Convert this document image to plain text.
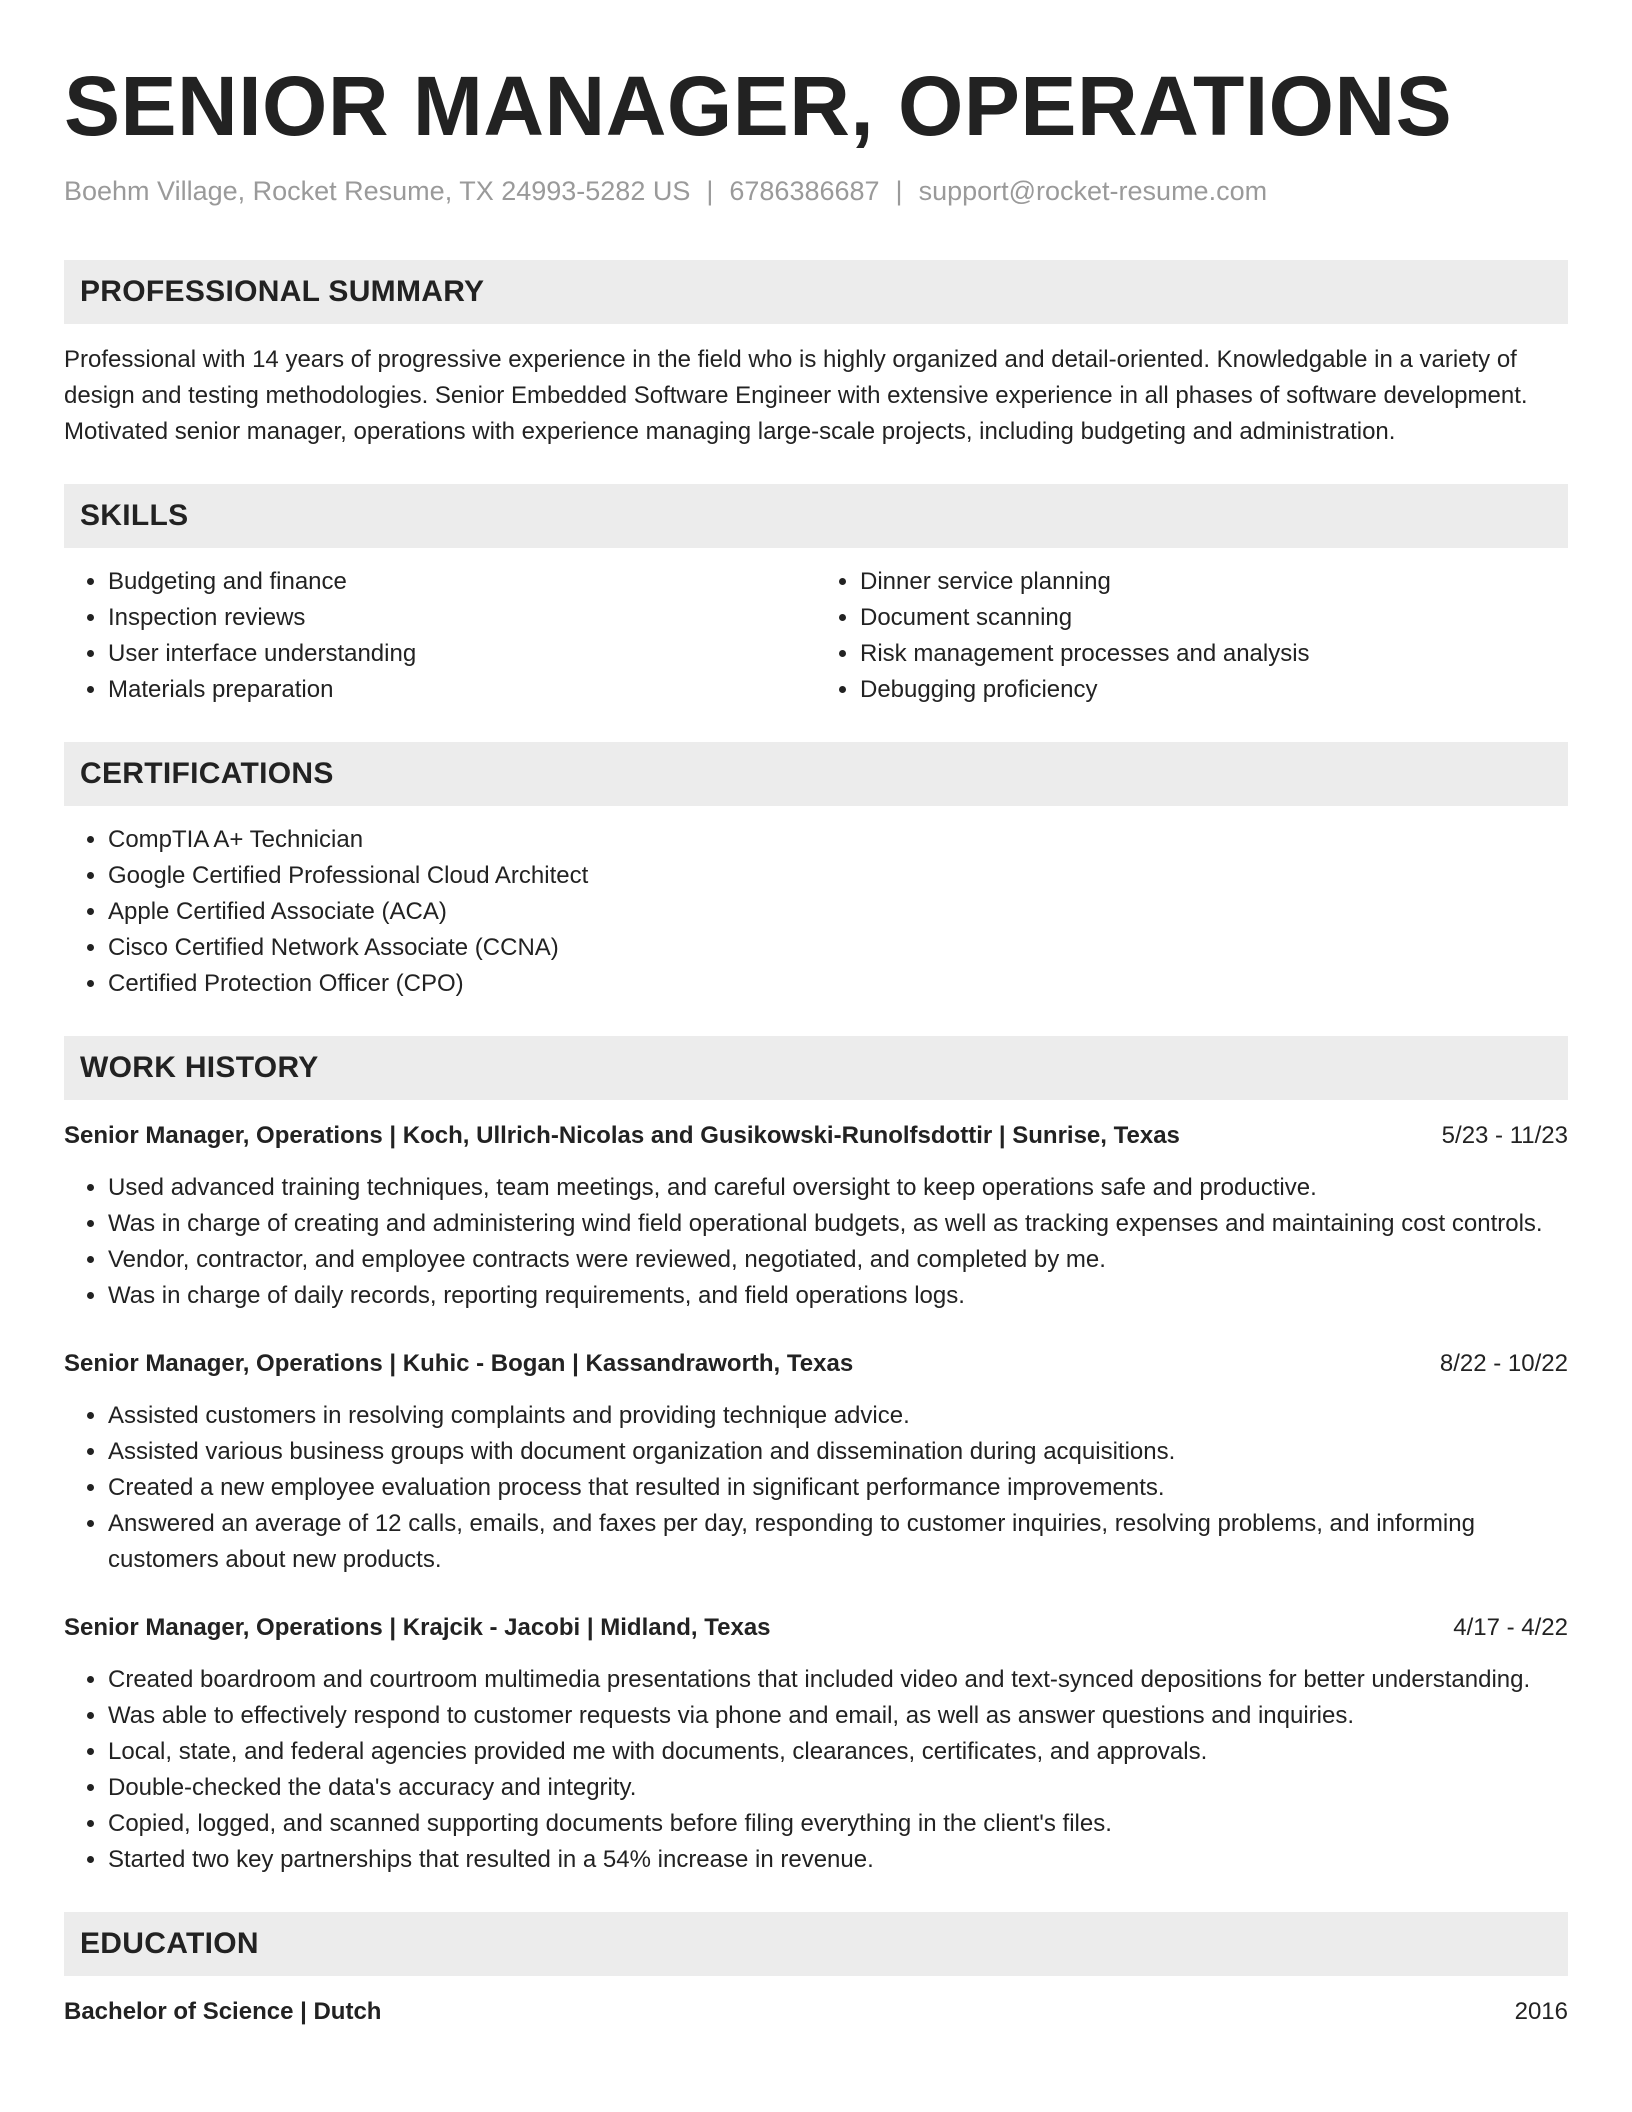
SENIOR MANAGER, OPERATIONS
Boehm Village, Rocket Resume, TX 24993-5282 US | 6786386687 | support@rocket-resume.com
PROFESSIONAL SUMMARY
Professional with 14 years of progressive experience in the field who is highly organized and detail-oriented. Knowledgable in a variety of design and testing methodologies. Senior Embedded Software Engineer with extensive experience in all phases of software development. Motivated senior manager, operations with experience managing large-scale projects, including budgeting and administration.
SKILLS
• Budgeting and finance
• Inspection reviews
• User interface understanding
• Materials preparation
• Dinner service planning
• Document scanning
• Risk management processes and analysis
• Debugging proficiency
CERTIFICATIONS
• CompTIA A+ Technician
• Google Certified Professional Cloud Architect
• Apple Certified Associate (ACA)
• Cisco Certified Network Associate (CCNA)
• Certified Protection Officer (CPO)
WORK HISTORY
Senior Manager, Operations | Koch, Ullrich-Nicolas and Gusikowski-Runolfsdottir | Sunrise, Texas	5/23 - 11/23
• Used advanced training techniques, team meetings, and careful oversight to keep operations safe and productive.
• Was in charge of creating and administering wind field operational budgets, as well as tracking expenses and maintaining cost controls.
• Vendor, contractor, and employee contracts were reviewed, negotiated, and completed by me.
• Was in charge of daily records, reporting requirements, and field operations logs.
Senior Manager, Operations | Kuhic - Bogan | Kassandraworth, Texas	8/22 - 10/22
• Assisted customers in resolving complaints and providing technique advice.
• Assisted various business groups with document organization and dissemination during acquisitions.
• Created a new employee evaluation process that resulted in significant performance improvements.
• Answered an average of 12 calls, emails, and faxes per day, responding to customer inquiries, resolving problems, and informing customers about new products.
Senior Manager, Operations | Krajcik - Jacobi | Midland, Texas	4/17 - 4/22
• Created boardroom and courtroom multimedia presentations that included video and text-synced depositions for better understanding.
• Was able to effectively respond to customer requests via phone and email, as well as answer questions and inquiries.
• Local, state, and federal agencies provided me with documents, clearances, certificates, and approvals.
• Double-checked the data's accuracy and integrity.
• Copied, logged, and scanned supporting documents before filing everything in the client's files.
• Started two key partnerships that resulted in a 54% increase in revenue.
EDUCATION
Bachelor of Science | Dutch	2016
